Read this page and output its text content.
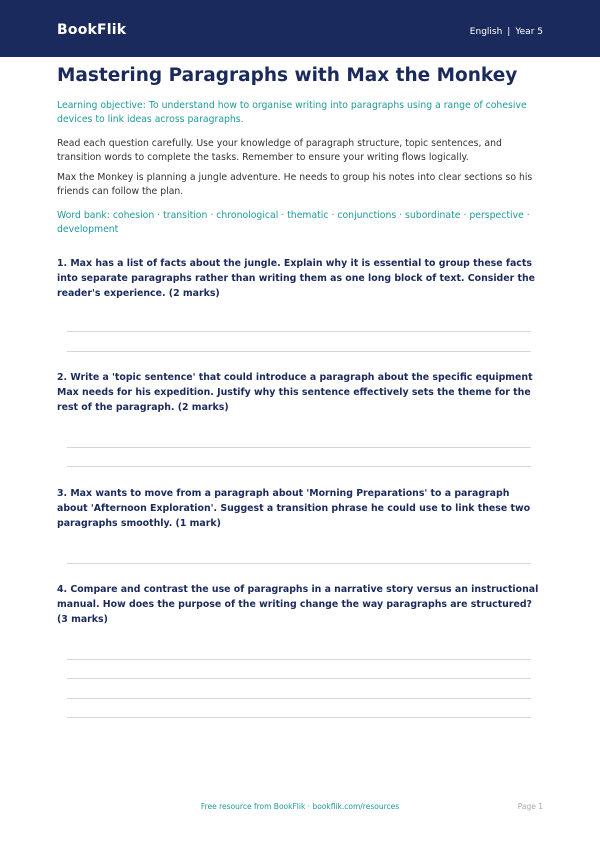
BookFlik	English | Year 5
Mastering Paragraphs with Max the Monkey

Learning objective: To understand how to organise writing into paragraphs using a range of cohesive devices to link ideas across paragraphs.

Read each question carefully. Use your knowledge of paragraph structure, topic sentences, and transition words to complete the tasks. Remember to ensure your writing flows logically.

Max the Monkey is planning a jungle adventure. He needs to group his notes into clear sections so his friends can follow the plan.

Word bank: cohesion · transition · chronological · thematic · conjunctions · subordinate · perspective · development

1. Max has a list of facts about the jungle. Explain why it is essential to group these facts into separate paragraphs rather than writing them as one long block of text. Consider the reader's experience. (2 marks)

2. Write a 'topic sentence' that could introduce a paragraph about the specific equipment Max needs for his expedition. Justify why this sentence effectively sets the theme for the rest of the paragraph. (2 marks)

3. Max wants to move from a paragraph about 'Morning Preparations' to a paragraph about 'Afternoon Exploration'. Suggest a transition phrase he could use to link these two paragraphs smoothly. (1 mark)

4. Compare and contrast the use of paragraphs in a narrative story versus an instructional manual. How does the purpose of the writing change the way paragraphs are structured? (3 marks)

Free resource from BookFlik · bookflik.com/resources	Page 1
